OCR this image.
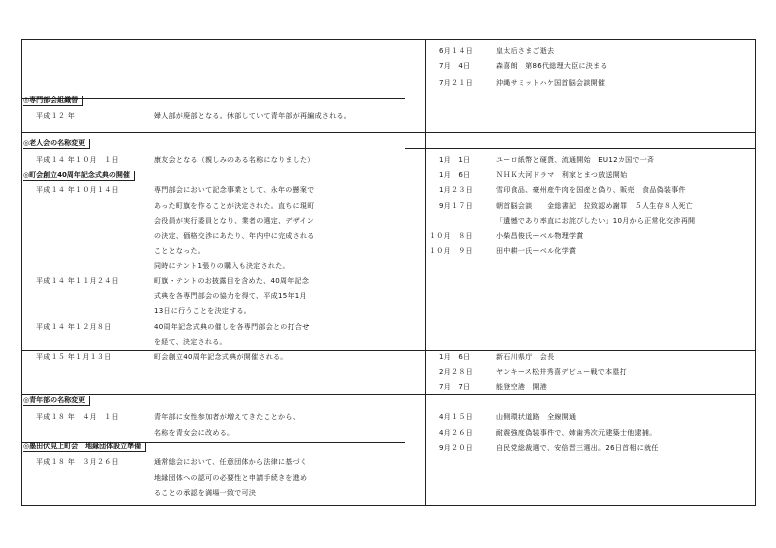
◎専門部会組織替
平成１２ 年	婦人部が廃部となる。休部していて青年部が再編成される。
◎老人会の名称変更
平成１４ 年１０月　１日	康友会となる（親しみのある名称になりました）
◎町会創立40周年記念式典の開催
平成１４ 年１０月１４日	専門部会において記念事業として、永年の懸案で
あった町旗を作ることが決定された。直ちに現町
会役員が実行委員となり、業者の選定、デザイン
の決定、価格交渉にあたり、年内中に完成される
こととなった。
同時にテント1張りの購入も決定された。
平成１４ 年１１月２４日	町旗・テントのお披露目を含めた、40周年記念
式典を各専門部会の協力を得て、平成15年1月
13日に行うことを決定する。
平成１４ 年１２月８日	40周年記念式典の催しを各専門部会との打合せ
を経て、決定される。
平成１５ 年１月１３日	町会創立40周年記念式典が開催される。
◎青年部の名称変更
平成１８ 年　４月　１日	青年部に女性参加者が増えてきたことから、
名称を青女会に改める。
◎墨田伏見上町会　地縁団体設立準備
平成１８ 年　３月２６日	通常総会において、任意団体から法律に基づく
地縁団体への認可の必要性と申請手続きを進め
ることの承認を満場一致で可決
6月１４日	皇太后さまご逝去
7月　4日	森喜朗　第86代総理大臣に決まる
7月２１日	沖縄サミットハケ国首脳会談開催
1月　1日	ユーロ紙幣と硬貨、流通開始　EU12カ国で一斉
1月　6日	ＮＨＫ大河ドラマ　利家とまつ放送開始
1月２３日	雪印食品、豪州産牛肉を国産と偽り、販売　食品偽装事件
9月１７日	朝首脳会談　　金総書記　拉致認め謝罪　５人生存８人死亡
「遺憾であり率直にお詫びしたい」10月から正常化交渉再開
１０月　８日	小柴昌俊氏ーベル物理学賞
１０月　９日	田中耕一氏ーベル化学賞
1月　6日	新石川県庁　会長
2月２８日	ヤンキース松井秀喜デビュー戦で本塁打
7月　7日	能登空港　開港
4月１５日	山側環状道路　全線開通
4月２６日	耐震強度偽装事件で、姉歯秀次元建築士他逮捕。
9月２０日	自民党総裁選で、安倍晋三選出。26日首相に就任
